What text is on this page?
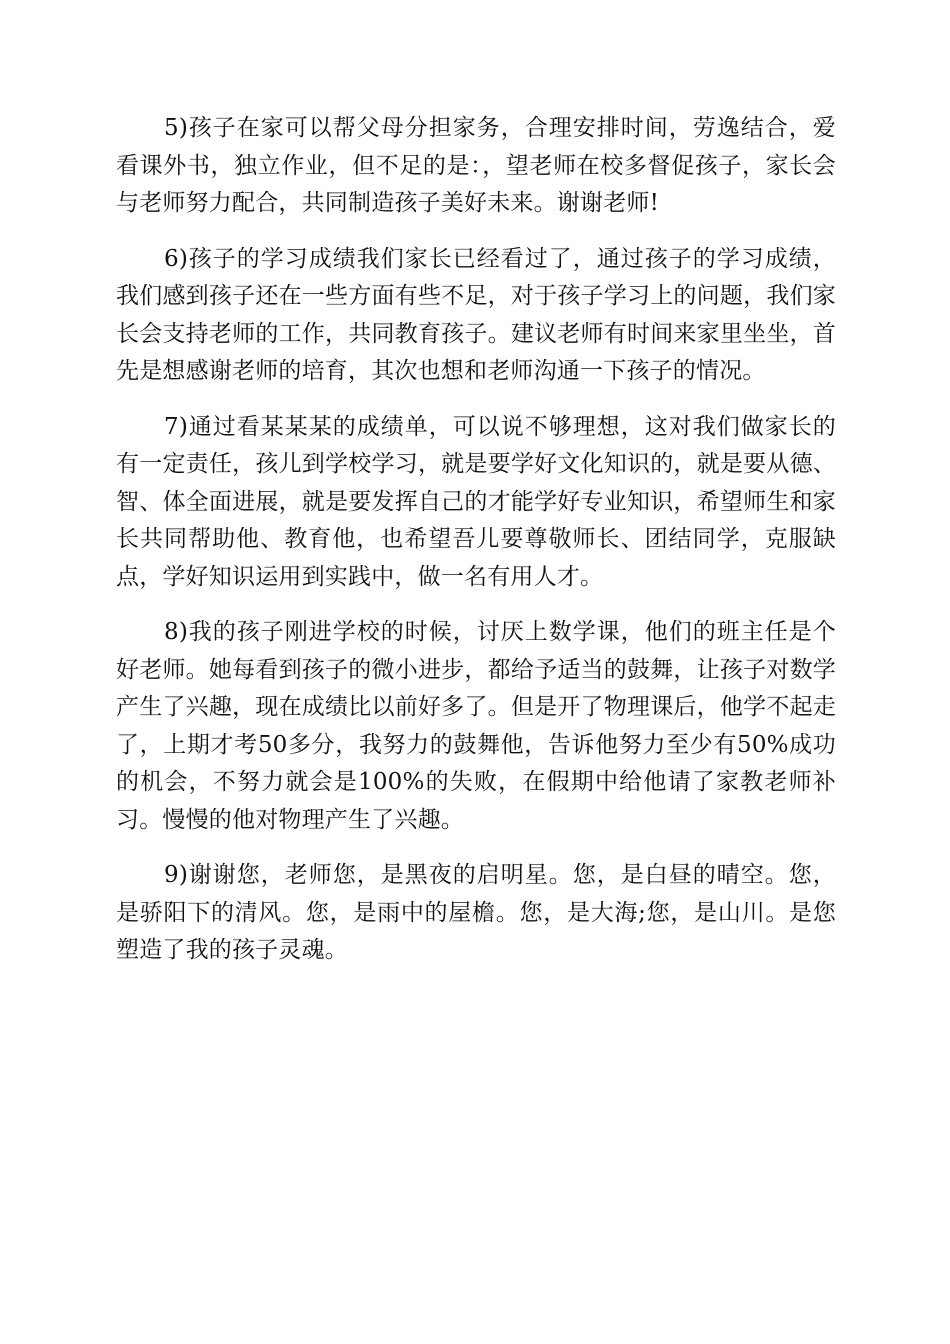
5)孩子在家可以帮父母分担家务，合理安排时间，劳逸结合，爱看课外书，独立作业，但不足的是：，望老师在校多督促孩子，家长会与老师努力配合，共同制造孩子美好未来。谢谢老师!

6)孩子的学习成绩我们家长已经看过了，通过孩子的学习成绩，我们感到孩子还在一些方面有些不足，对于孩子学习上的问题，我们家长会支持老师的工作，共同教育孩子。建议老师有时间来家里坐坐，首先是想感谢老师的培育，其次也想和老师沟通一下孩子的情况。

7)通过看某某某的成绩单，可以说不够理想，这对我们做家长的有一定责任，孩儿到学校学习，就是要学好文化知识的，就是要从德、智、体全面进展，就是要发挥自己的才能学好专业知识，希望师生和家长共同帮助他、教育他，也希望吾儿要尊敬师长、团结同学，克服缺点，学好知识运用到实践中，做一名有用人才。

8)我的孩子刚进学校的时候，讨厌上数学课，他们的班主任是个好老师。她每看到孩子的微小进步，都给予适当的鼓舞，让孩子对数学产生了兴趣，现在成绩比以前好多了。但是开了物理课后，他学不起走了，上期才考50多分，我努力的鼓舞他，告诉他努力至少有50%成功的机会，不努力就会是100%的失败，在假期中给他请了家教老师补习。慢慢的他对物理产生了兴趣。

9)谢谢您，老师您，是黑夜的启明星。您，是白昼的晴空。您，是骄阳下的清风。您，是雨中的屋檐。您，是大海;您，是山川。是您塑造了我的孩子灵魂。
